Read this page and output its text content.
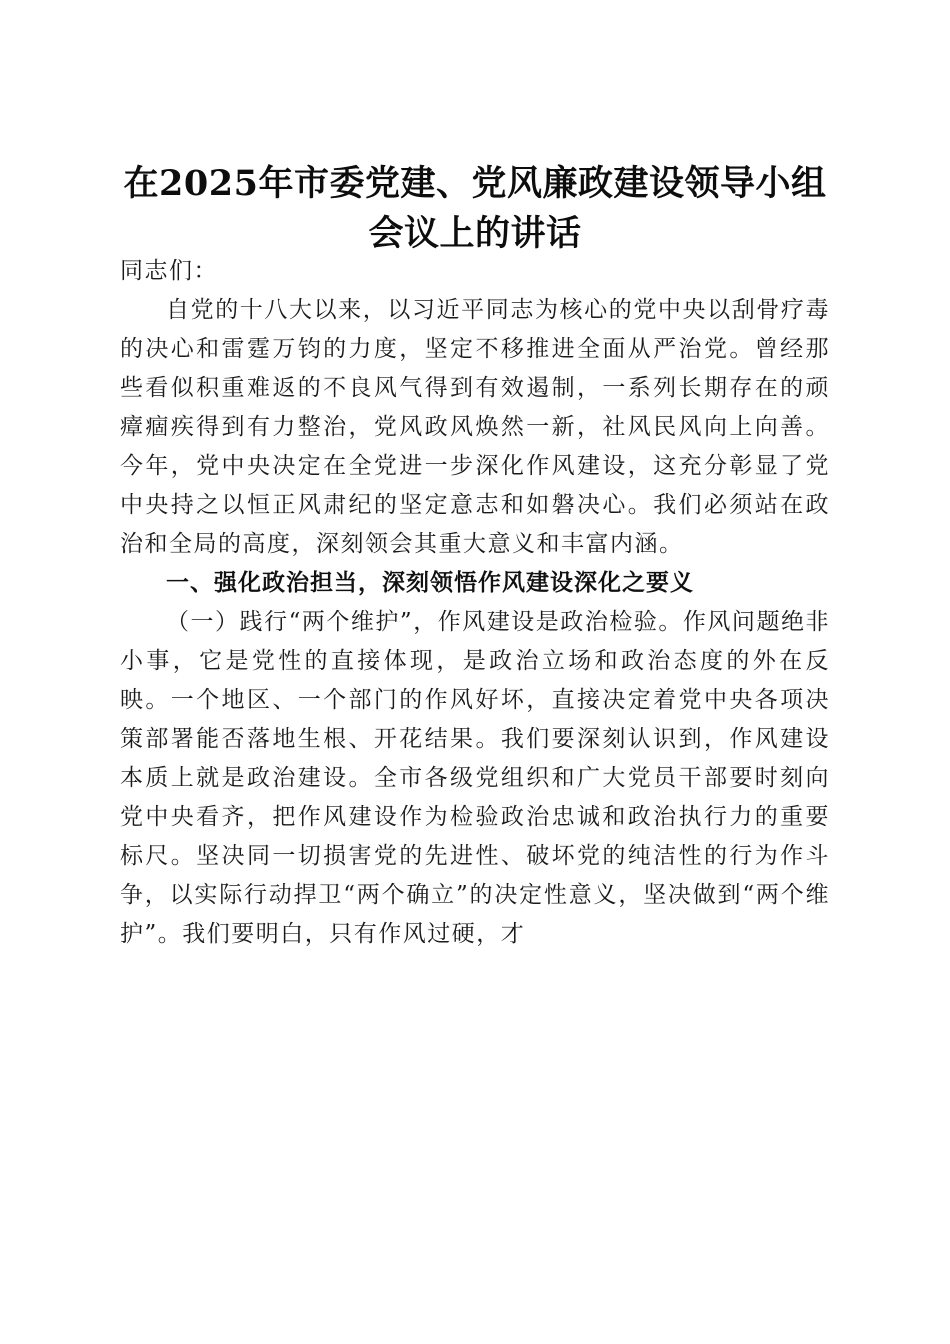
在2025年市委党建、党风廉政建设领导小组
会议上的讲话

同志们：

自党的十八大以来，以习近平同志为核心的党中央以刮骨疗毒的决心和雷霆万钧的力度，坚定不移推进全面从严治党。曾经那些看似积重难返的不良风气得到有效遏制，一系列长期存在的顽瘴痼疾得到有力整治，党风政风焕然一新，社风民风向上向善。今年，党中央决定在全党进一步深化作风建设，这充分彰显了党中央持之以恒正风肃纪的坚定意志和如磐决心。我们必须站在政治和全局的高度，深刻领会其重大意义和丰富内涵。

一、强化政治担当，深刻领悟作风建设深化之要义

（一）践行“两个维护”，作风建设是政治检验。作风问题绝非小事，它是党性的直接体现，是政治立场和政治态度的外在反映。一个地区、一个部门的作风好坏，直接决定着党中央各项决策部署能否落地生根、开花结果。我们要深刻认识到，作风建设本质上就是政治建设。全市各级党组织和广大党员干部要时刻向党中央看齐，把作风建设作为检验政治忠诚和政治执行力的重要标尺。坚决同一切损害党的先进性、破坏党的纯洁性的行为作斗争，以实际行动捍卫“两个确立”的决定性意义，坚决做到“两个维护”。我们要明白，只有作风过硬，才
